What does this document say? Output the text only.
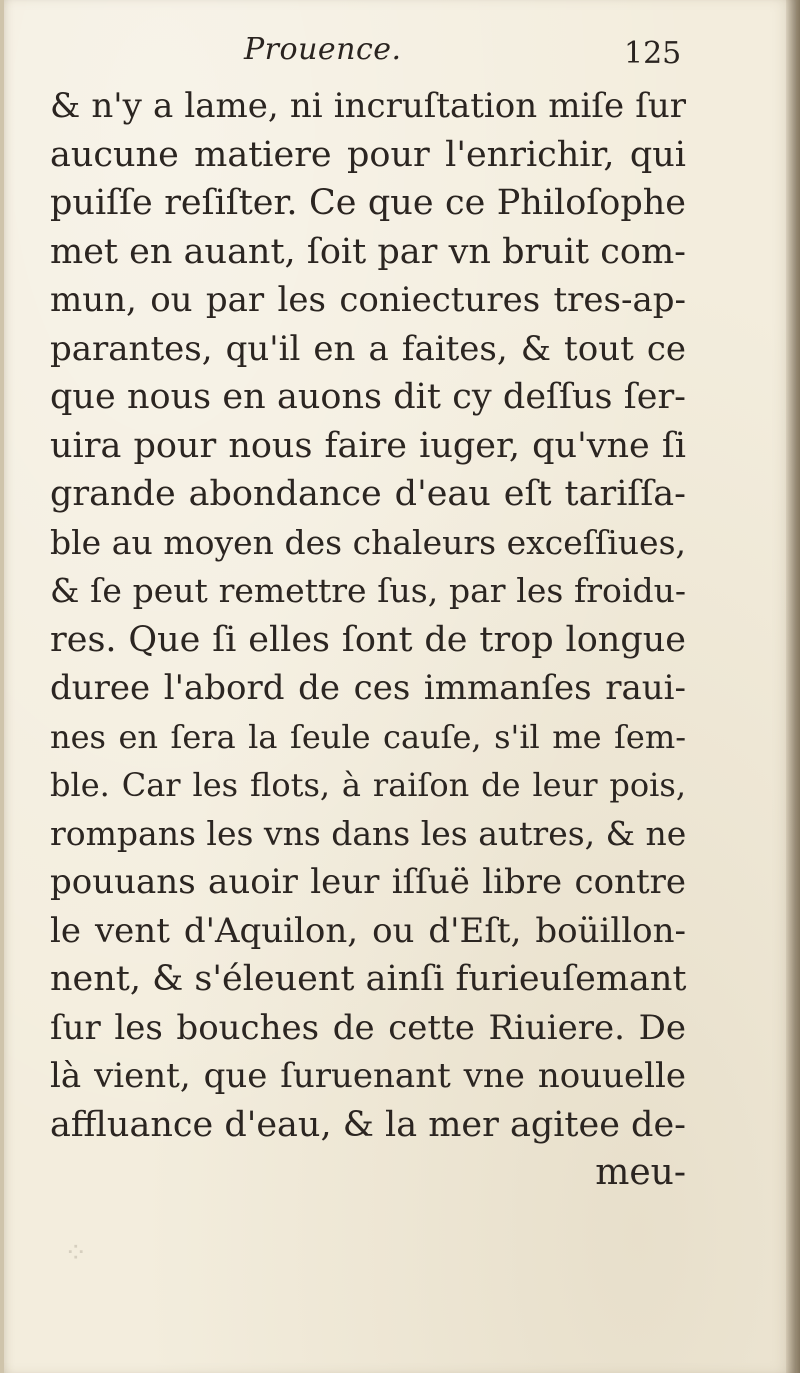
Prouence.	125
⁘
& n'y a lame, ni incruſtation miſe ſur
aucune matiere pour l'enrichir, qui
puiſſe reſiſter. Ce que ce Philoſophe
met en auant, ſoit par vn bruit com-
mun, ou par les coniectures tres-ap-
parantes, qu'il en a faites, & tout ce
que nous en auons dit cy deſſus ſer-
uira pour nous faire iuger, qu'vne ſi
grande abondance d'eau eſt tariſſa-
ble au moyen des chaleurs exceſſiues,
& ſe peut remettre ſus, par les froidu-
res. Que ſi elles ſont de trop longue
duree l'abord de ces immanſes raui-
nes en ſera la ſeule cauſe, s'il me ſem-
ble. Car les flots, à raiſon de leur pois,
rompans les vns dans les autres, & ne
pouuans auoir leur iſſuë libre contre
le vent d'Aquilon, ou d'Eſt, boüillon-
nent, & s'éleuent ainſi furieuſemant
ſur les bouches de cette Riuiere. De
là vient, que ſuruenant vne nouuelle
affluance d'eau, & la mer agitee de-
meu-
